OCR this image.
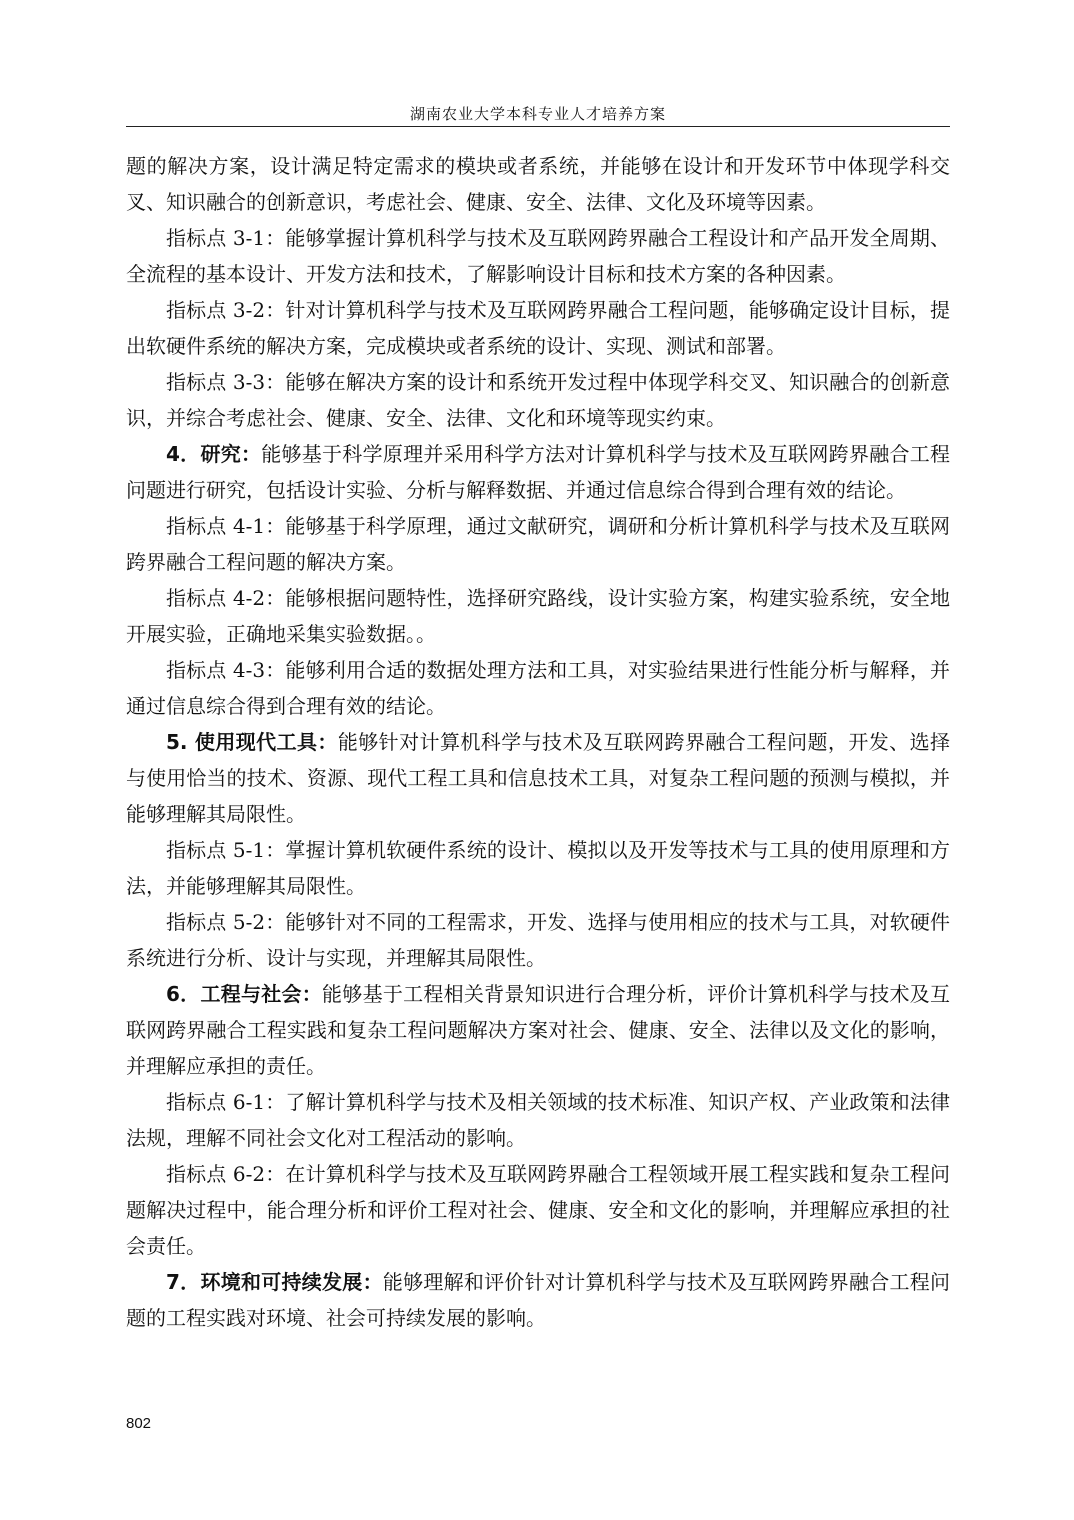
湖南农业大学本科专业人才培养方案

题的解决方案，设计满足特定需求的模块或者系统，并能够在设计和开发环节中体现学科交叉、知识融合的创新意识，考虑社会、健康、安全、法律、文化及环境等因素。

指标点 3-1：能够掌握计算机科学与技术及互联网跨界融合工程设计和产品开发全周期、全流程的基本设计、开发方法和技术，了解影响设计目标和技术方案的各种因素。

指标点 3-2：针对计算机科学与技术及互联网跨界融合工程问题，能够确定设计目标，提出软硬件系统的解决方案，完成模块或者系统的设计、实现、测试和部署。

指标点 3-3：能够在解决方案的设计和系统开发过程中体现学科交叉、知识融合的创新意识，并综合考虑社会、健康、安全、法律、文化和环境等现实约束。

4．研究：能够基于科学原理并采用科学方法对计算机科学与技术及互联网跨界融合工程问题进行研究，包括设计实验、分析与解释数据、并通过信息综合得到合理有效的结论。

指标点 4-1：能够基于科学原理，通过文献研究，调研和分析计算机科学与技术及互联网跨界融合工程问题的解决方案。

指标点 4-2：能够根据问题特性，选择研究路线，设计实验方案，构建实验系统，安全地开展实验，正确地采集实验数据。。

指标点 4-3：能够利用合适的数据处理方法和工具，对实验结果进行性能分析与解释，并通过信息综合得到合理有效的结论。

5. 使用现代工具：能够针对计算机科学与技术及互联网跨界融合工程问题，开发、选择与使用恰当的技术、资源、现代工程工具和信息技术工具，对复杂工程问题的预测与模拟，并能够理解其局限性。

指标点 5-1：掌握计算机软硬件系统的设计、模拟以及开发等技术与工具的使用原理和方法，并能够理解其局限性。

指标点 5-2：能够针对不同的工程需求，开发、选择与使用相应的技术与工具，对软硬件系统进行分析、设计与实现，并理解其局限性。

6．工程与社会：能够基于工程相关背景知识进行合理分析，评价计算机科学与技术及互联网跨界融合工程实践和复杂工程问题解决方案对社会、健康、安全、法律以及文化的影响，并理解应承担的责任。

指标点 6-1：了解计算机科学与技术及相关领域的技术标准、知识产权、产业政策和法律法规，理解不同社会文化对工程活动的影响。

指标点 6-2：在计算机科学与技术及互联网跨界融合工程领域开展工程实践和复杂工程问题解决过程中，能合理分析和评价工程对社会、健康、安全和文化的影响，并理解应承担的社会责任。

7．环境和可持续发展：能够理解和评价针对计算机科学与技术及互联网跨界融合工程问题的工程实践对环境、社会可持续发展的影响。

802
